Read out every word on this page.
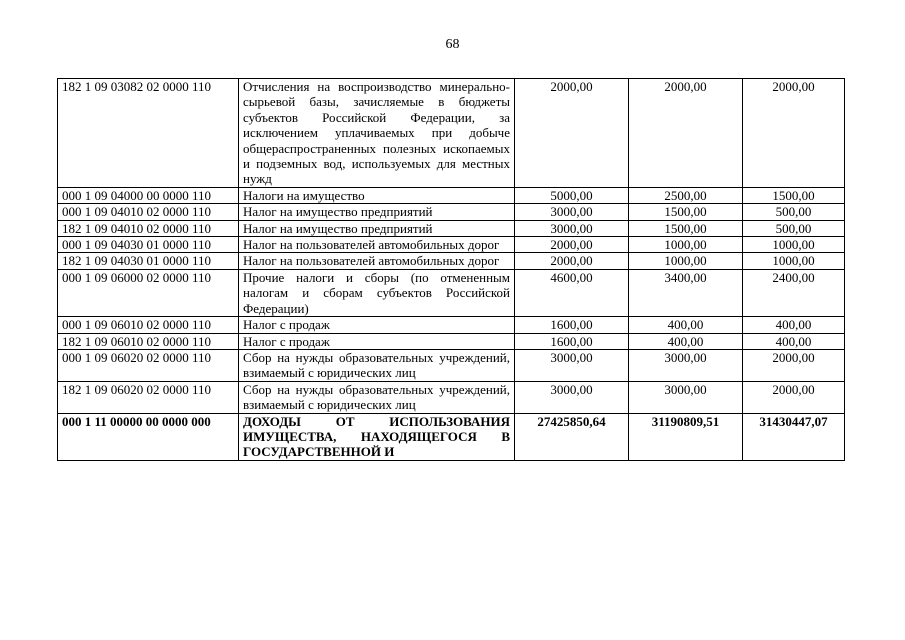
68
182 1 09 03082 02 0000 110	Отчисления на воспроизводство минерально-сырьевой базы, зачисляемые в бюджеты субъектов Российской Федерации, за исключением уплачиваемых при добыче общераспространенных полезных ископаемых и подземных вод, используемых для местных нужд	2000,00	2000,00	2000,00
000 1 09 04000 00 0000 110	Налоги на имущество	5000,00	2500,00	1500,00
000 1 09 04010 02 0000 110	Налог на имущество предприятий	3000,00	1500,00	500,00
182 1 09 04010 02 0000 110	Налог на имущество предприятий	3000,00	1500,00	500,00
000 1 09 04030 01 0000 110	Налог на пользователей автомобильных дорог	2000,00	1000,00	1000,00
182 1 09 04030 01 0000 110	Налог на пользователей автомобильных дорог	2000,00	1000,00	1000,00
000 1 09 06000 02 0000 110	Прочие налоги и сборы (по отмененным налогам и сборам субъектов Российской Федерации)	4600,00	3400,00	2400,00
000 1 09 06010 02 0000 110	Налог с продаж	1600,00	400,00	400,00
182 1 09 06010 02 0000 110	Налог с продаж	1600,00	400,00	400,00
000 1 09 06020 02 0000 110	Сбор на нужды образовательных учреждений, взимаемый с юридических лиц	3000,00	3000,00	2000,00
182 1 09 06020 02 0000 110	Сбор на нужды образовательных учреждений, взимаемый с юридических лиц	3000,00	3000,00	2000,00
000 1 11 00000 00 0000 000	ДОХОДЫ ОТ ИСПОЛЬЗОВАНИЯ ИМУЩЕСТВА, НАХОДЯЩЕГОСЯ В ГОСУДАРСТВЕННОЙ И	27425850,64	31190809,51	31430447,07
